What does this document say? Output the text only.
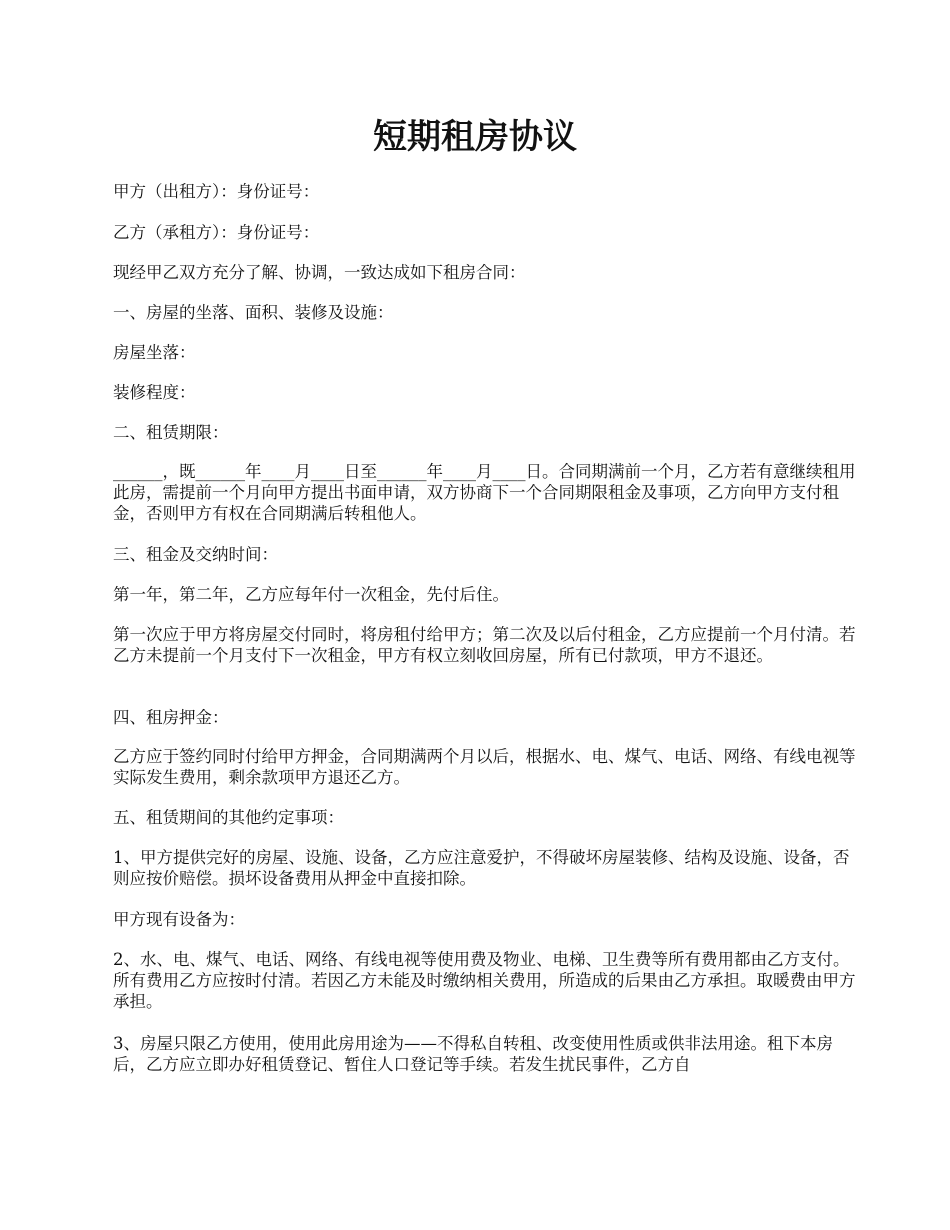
短期租房协议

甲方（出租方）：身份证号：

乙方（承租方）：身份证号：

现经甲乙双方充分了解、协调，一致达成如下租房合同：

一、房屋的坐落、面积、装修及设施：

房屋坐落：

装修程度：

二、租赁期限：

______，既______年____月____日至______年____月____日。合同期满前一个月，乙方若有意继续租用此房，需提前一个月向甲方提出书面申请，双方协商下一个合同期限租金及事项，乙方向甲方支付租金，否则甲方有权在合同期满后转租他人。

三、租金及交纳时间：

第一年，第二年，乙方应每年付一次租金，先付后住。

第一次应于甲方将房屋交付同时，将房租付给甲方；第二次及以后付租金，乙方应提前一个月付清。若乙方未提前一个月支付下一次租金，甲方有权立刻收回房屋，所有已付款项，甲方不退还。

四、租房押金：

乙方应于签约同时付给甲方押金，合同期满两个月以后，根据水、电、煤气、电话、网络、有线电视等实际发生费用，剩余款项甲方退还乙方。

五、租赁期间的其他约定事项：

1、甲方提供完好的房屋、设施、设备，乙方应注意爱护，不得破坏房屋装修、结构及设施、设备，否则应按价赔偿。损坏设备费用从押金中直接扣除。

甲方现有设备为：

2、水、电、煤气、电话、网络、有线电视等使用费及物业、电梯、卫生费等所有费用都由乙方支付。所有费用乙方应按时付清。若因乙方未能及时缴纳相关费用，所造成的后果由乙方承担。取暖费由甲方承担。

3、房屋只限乙方使用，使用此房用途为——不得私自转租、改变使用性质或供非法用途。租下本房后，乙方应立即办好租赁登记、暂住人口登记等手续。若发生扰民事件，乙方自
